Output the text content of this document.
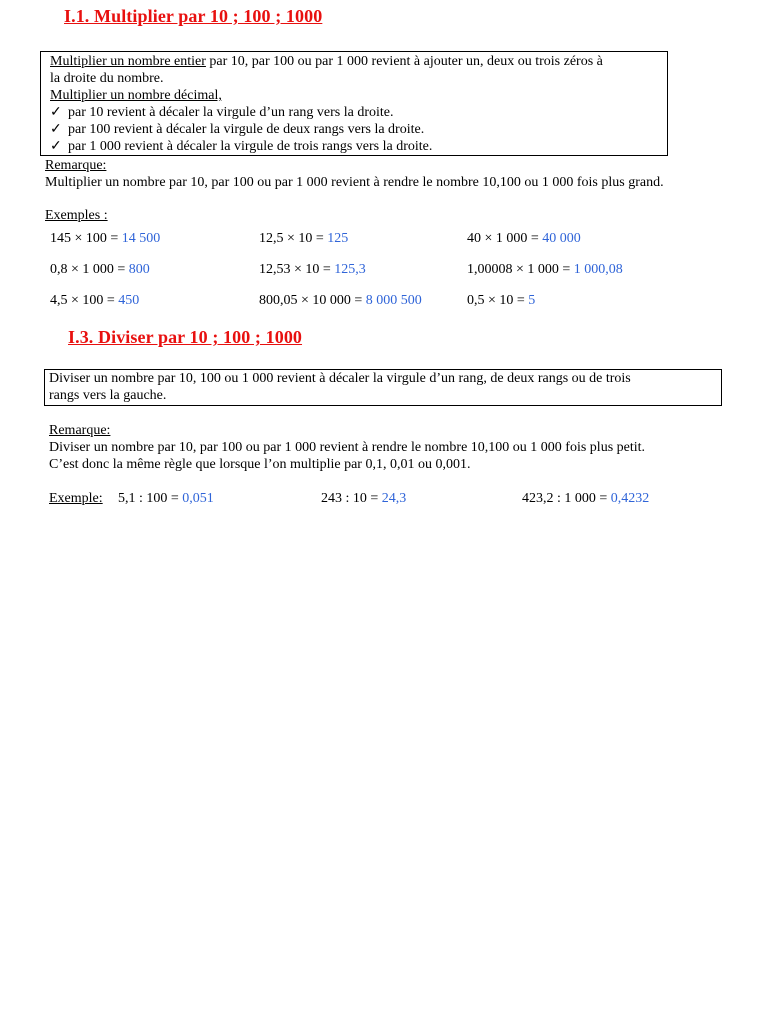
I.1. Multiplier par 10 ; 100 ; 1000
Multiplier un nombre entier par 10, par 100 ou par 1 000 revient à ajouter un, deux ou trois zéros à
la droite du nombre.
Multiplier un nombre décimal,
✓ par 10 revient à décaler la virgule d’un rang vers la droite.
✓ par 100 revient à décaler la virgule de deux rangs vers la droite.
✓ par 1 000 revient à décaler la virgule de trois rangs vers la droite.
Remarque:
Multiplier un nombre par 10, par 100 ou par 1 000 revient à rendre le nombre 10,100 ou 1 000 fois plus grand.
Exemples :
145 × 100 = 14 500	12,5 × 10 = 125	40 × 1 000 = 40 000
0,8 × 1 000 = 800	12,53 × 10 = 125,3	1,00008 × 1 000 = 1 000,08
4,5 × 100 = 450	800,05 × 10 000 = 8 000 500	0,5 × 10 = 5
I.3. Diviser par 10 ; 100 ; 1000
Diviser un nombre par 10, 100 ou 1 000 revient à décaler la virgule d’un rang, de deux rangs ou de trois
rangs vers la gauche.
Remarque:
Diviser un nombre par 10, par 100 ou par 1 000 revient à rendre le nombre 10,100 ou 1 000 fois plus petit.
C’est donc la même règle que lorsque l’on multiplie par 0,1, 0,01 ou 0,001.
Exemple: 5,1 : 100 = 0,051	243 : 10 = 24,3	423,2 : 1 000 = 0,4232
